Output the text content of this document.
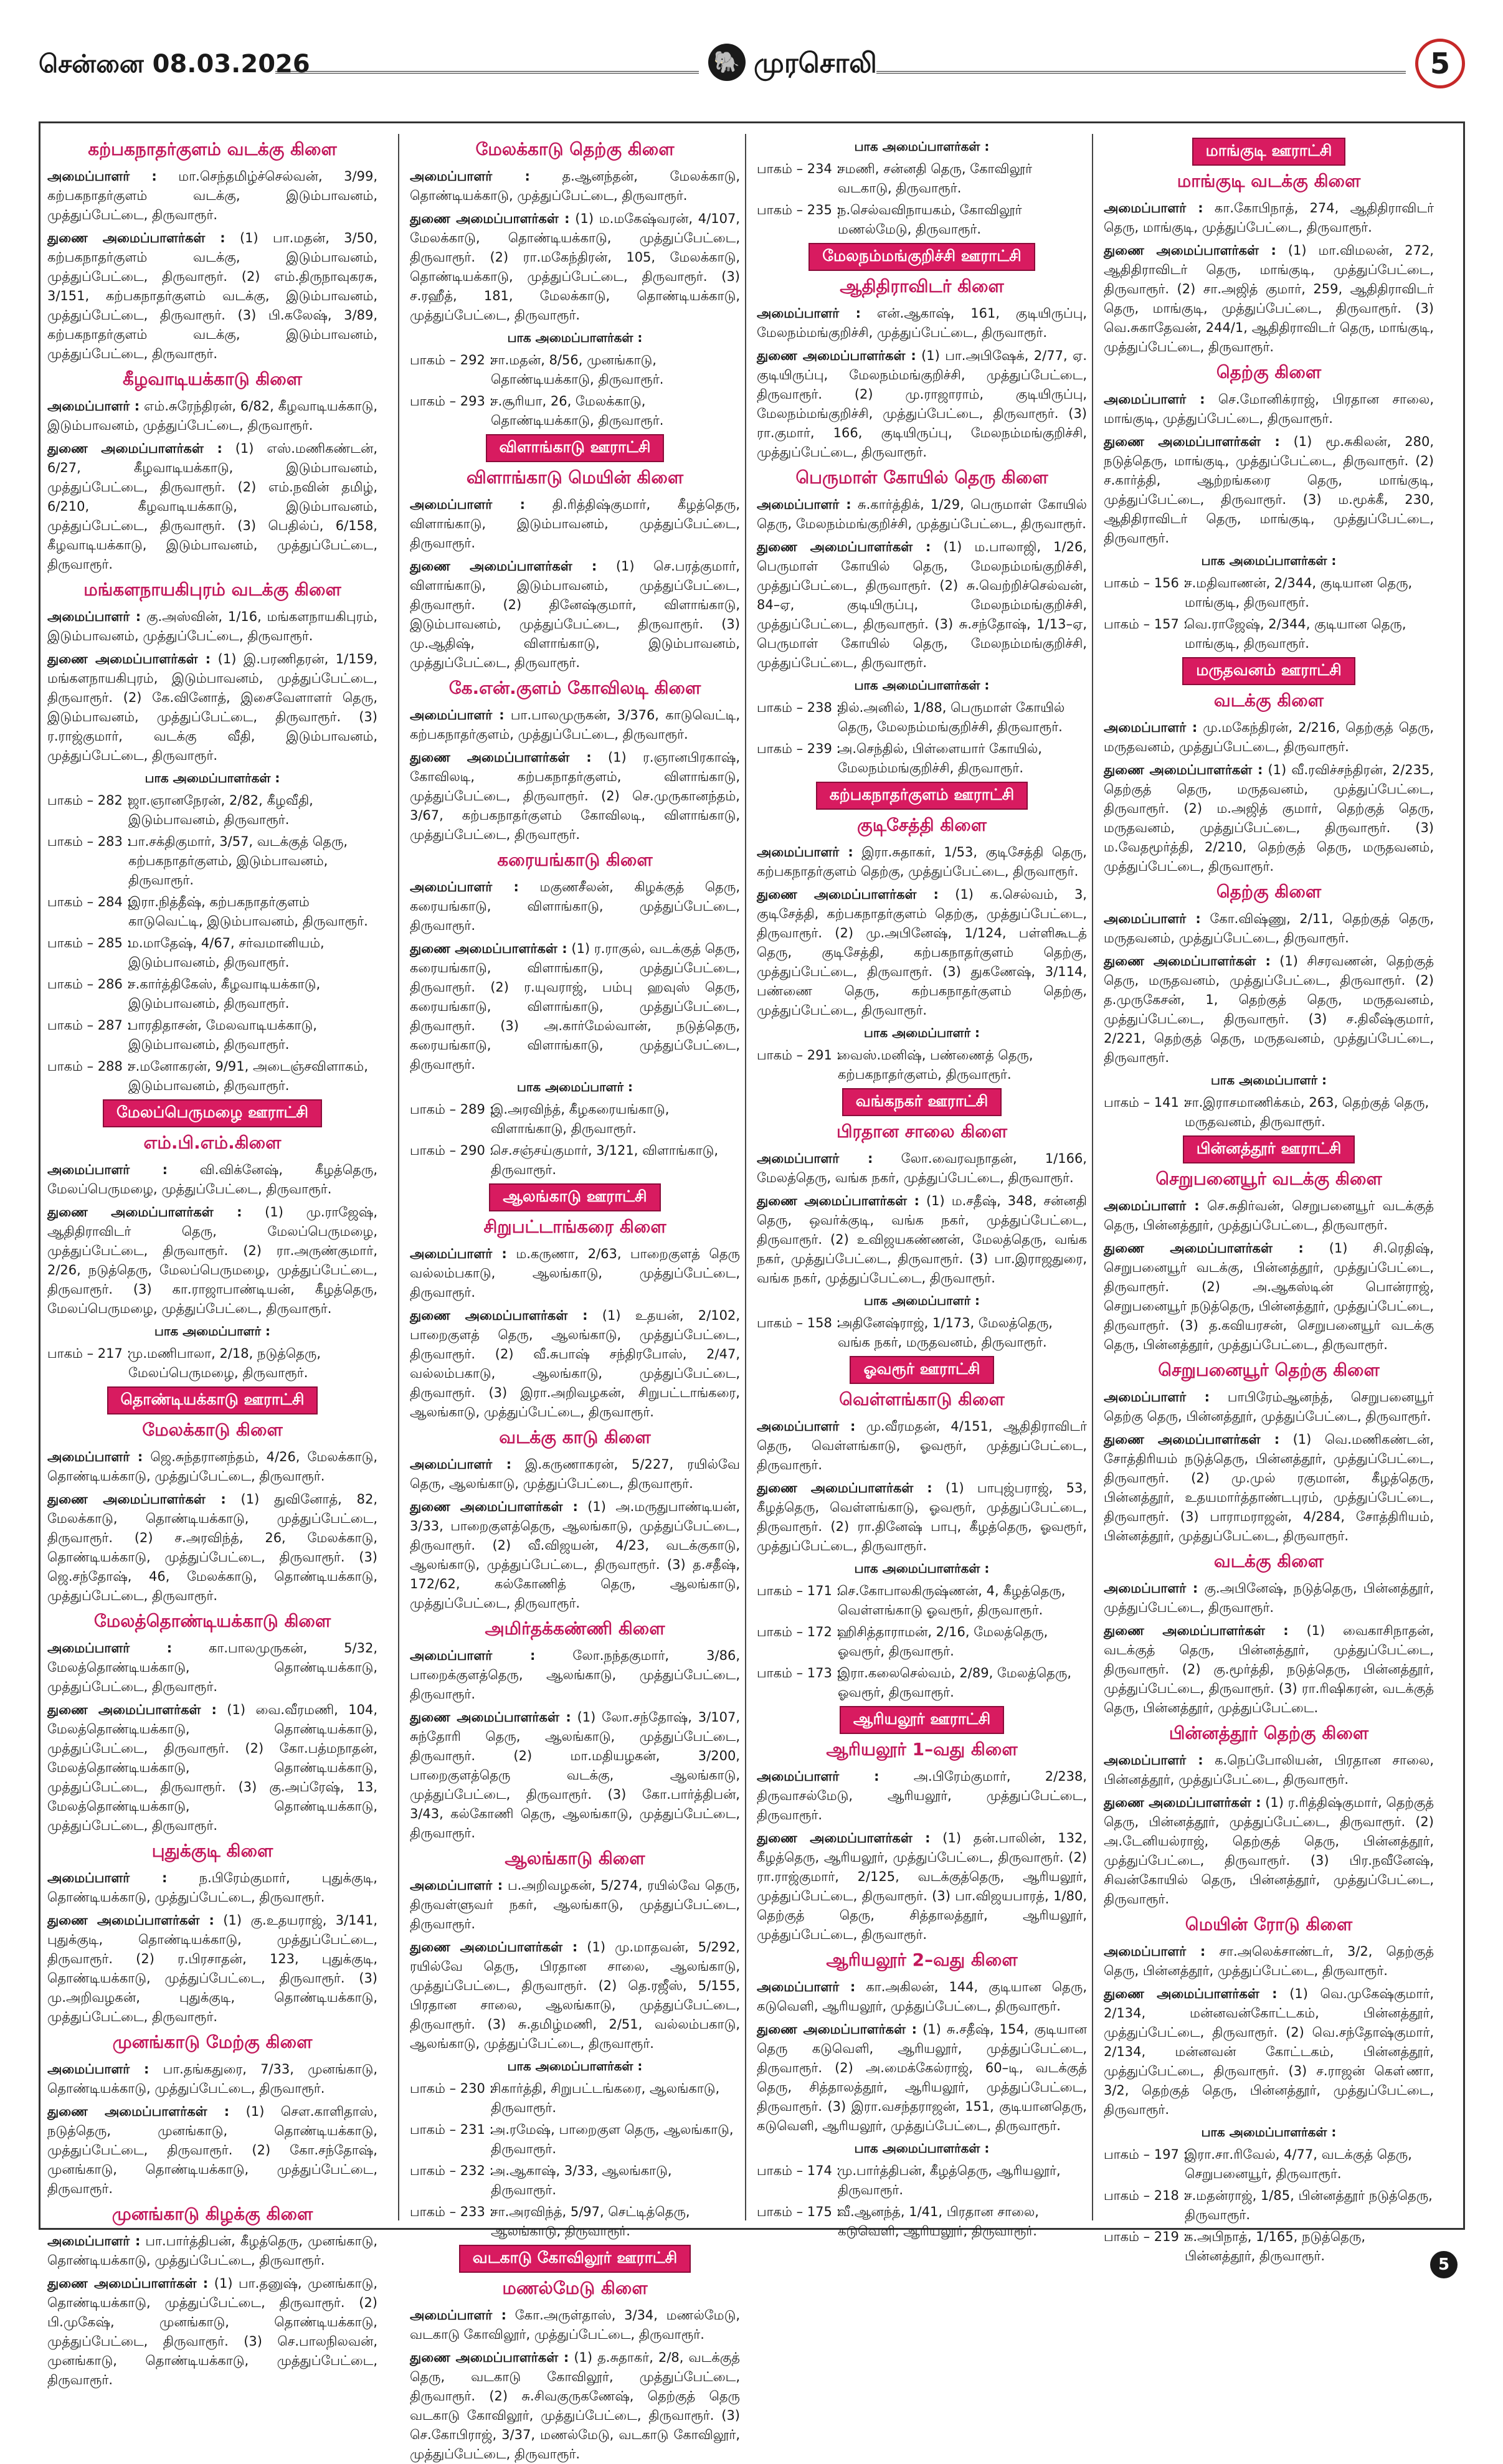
சென்னை 08.03.2026	🐘 முரசொலி	5
கற்பகநாதர்குளம் வடக்கு கிளை
அமைப்பாளர் : மா.செந்தமிழ்ச்செல்வன், 3/99, கற்பகநாதர்குளம் வடக்கு, இடும்பாவனம், முத்துப்பேட்டை, திருவாரூர்.
துணை அமைப்பாளர்கள் : (1) பா.மதன், 3/50, கற்பகநாதர்குளம் வடக்கு, இடும்பாவனம், முத்துப்பேட்டை, திருவாரூர். (2) எம்.திருநாவுகரசு, 3/151, கற்பகநாதர்குளம் வடக்கு, இடும்பாவனம், முத்துப்பேட்டை, திருவாரூர். (3) பி.கலேஷ், 3/89, கற்பகநாதர்குளம் வடக்கு, இடும்பாவனம், முத்துப்பேட்டை, திருவாரூர்.
கீழவாடியக்காடு கிளை
அமைப்பாளர் : எம்.சுரேந்திரன், 6/82, கீழவாடியக்காடு, இடும்பாவனம், முத்துப்பேட்டை, திருவாரூர்.
துணை அமைப்பாளர்கள் : (1) எஸ்.மணிகண்டன், 6/27, கீழவாடியக்காடு, இடும்பாவனம், முத்துப்பேட்டை, திருவாரூர். (2) எம்.நவின் தமிழ், 6/210, கீழவாடியக்காடு, இடும்பாவனம், முத்துப்பேட்டை, திருவாரூர். (3) பெதில்ப், 6/158, கீழவாடியக்காடு, இடும்பாவனம், முத்துப்பேட்டை, திருவாரூர்.
மங்களநாயகிபுரம் வடக்கு கிளை
அமைப்பாளர் : கு.அஸ்வின், 1/16, மங்களநாயகிபுரம், இடும்பாவனம், முத்துப்பேட்டை, திருவாரூர்.
துணை அமைப்பாளர்கள் : (1) இ.பரணிதரன், 1/159, மங்களநாயகிபுரம், இடும்பாவனம், முத்துப்பேட்டை, திருவாரூர். (2) கே.வினோத், இசைவேளாளர் தெரு, இடும்பாவனம், முத்துப்பேட்டை, திருவாரூர். (3) ர.ராஜ்குமார், வடக்கு வீதி, இடும்பாவனம், முத்துப்பேட்டை, திருவாரூர்.
பாக அமைப்பாளர்கள் :
பாகம் – 282 :
ஜா.ஞானநேரன், 2/82, கீழவீதி, இடும்பாவனம், திருவாரூர்.
பாகம் – 283 :
பா.சக்திகுமார், 3/57, வடக்குத் தெரு, கற்பகநாதர்குளம், இடும்பாவனம், திருவாரூர்.
பாகம் – 284 :
இரா.நித்தீஷ், கற்பகநாதர்குளம் காடுவெட்டி, இடும்பாவனம், திருவாரூர்.
பாகம் – 285 :
ம.மாதேஷ், 4/67, சர்வமானியம், இடும்பாவனம், திருவாரூர்.
பாகம் – 286 :
ச.கார்த்திகேஸ், கீழவாடியக்காடு, இடும்பாவனம், திருவாரூர்.
பாகம் – 287 :
பாரதிதாசன், மேலவாடியக்காடு, இடும்பாவனம், திருவாரூர்.
பாகம் – 288 :
ச.மனோகரன், 9/91, அடைஞ்சவிளாகம், இடும்பாவனம், திருவாரூர்.
மேலப்பெருமழை ஊராட்சி
எம்.பி.எம்.கிளை
அமைப்பாளர் : வி.விக்னேஷ், கீழத்தெரு, மேலப்பெருமழை, முத்துப்பேட்டை, திருவாரூர்.
துணை அமைப்பாளர்கள் : (1) மு.ராஜேஷ், ஆதிதிராவிடர் தெரு, மேலப்பெருமழை, முத்துப்பேட்டை, திருவாரூர். (2) ரா.அருண்குமார், 2/26, நடுத்தெரு, மேலப்பெருமழை, முத்துப்பேட்டை, திருவாரூர். (3) கா.ராஜாபாண்டியன், கீழத்தெரு, மேலப்பெருமழை, முத்துப்பேட்டை, திருவாரூர்.
பாக அமைப்பாளர் :
பாகம் – 217 :
மு.மணிபாலா, 2/18, நடுத்தெரு, மேலப்பெருமழை, திருவாரூர்.
தொண்டியக்காடு ஊராட்சி
மேலக்காடு கிளை
அமைப்பாளர் : ஜெ.சுந்தரானந்தம், 4/26, மேலக்காடு, தொண்டியக்காடு, முத்துப்பேட்டை, திருவாரூர்.
துணை அமைப்பாளர்கள் : (1) துவினோத், 82, மேலக்காடு, தொண்டியக்காடு, முத்துப்பேட்டை, திருவாரூர். (2) ச.அரவிந்த், 26, மேலக்காடு, தொண்டியக்காடு, முத்துப்பேட்டை, திருவாரூர். (3) ஜெ.சந்தோஷ், 46, மேலக்காடு, தொண்டியக்காடு, முத்துப்பேட்டை, திருவாரூர்.
மேலத்தொண்டியக்காடு கிளை
அமைப்பாளர் : கா.பாலமுருகன், 5/32, மேலத்தொண்டியக்காடு, தொண்டியக்காடு, முத்துப்பேட்டை, திருவாரூர்.
துணை அமைப்பாளர்கள் : (1) வை.வீரமணி, 104, மேலத்தொண்டியக்காடு, தொண்டியக்காடு, முத்துப்பேட்டை, திருவாரூர். (2) கோ.பத்மநாதன், மேலத்தொண்டியக்காடு, தொண்டியக்காடு, முத்துப்பேட்டை, திருவாரூர். (3) கு.அப்ரேஷ், 13, மேலத்தொண்டியக்காடு, தொண்டியக்காடு, முத்துப்பேட்டை, திருவாரூர்.
புதுக்குடி கிளை
அமைப்பாளர் : ந.பிரேம்குமார், புதுக்குடி, தொண்டியக்காடு, முத்துப்பேட்டை, திருவாரூர்.
துணை அமைப்பாளர்கள் : (1) கு.உதயராஜ், 3/141, புதுக்குடி, தொண்டியக்காடு, முத்துப்பேட்டை, திருவாரூர். (2) ர.பிரசாதன், 123, புதுக்குடி, தொண்டியக்காடு, முத்துப்பேட்டை, திருவாரூர். (3) மு.அறிவழகன், புதுக்குடி, தொண்டியக்காடு, முத்துப்பேட்டை, திருவாரூர்.
முனங்காடு மேற்கு கிளை
அமைப்பாளர் : பா.தங்கதுரை, 7/33, முனங்காடு, தொண்டியக்காடு, முத்துப்பேட்டை, திருவாரூர்.
துணை அமைப்பாளர்கள் : (1) சௌ.காளிதாஸ், நடுத்தெரு, முனங்காடு, தொண்டியக்காடு, முத்துப்பேட்டை, திருவாரூர். (2) கோ.சந்தோஷ், முனங்காடு, தொண்டியக்காடு, முத்துப்பேட்டை, திருவாரூர்.
முனங்காடு கிழக்கு கிளை
அமைப்பாளர் : பா.பார்த்திபன், கீழத்தெரு, முனங்காடு, தொண்டியக்காடு, முத்துப்பேட்டை, திருவாரூர்.
துணை அமைப்பாளர்கள் : (1) பா.தனுஷ், முனங்காடு, தொண்டியக்காடு, முத்துப்பேட்டை, திருவாரூர். (2) பி.முகேஷ், முனங்காடு, தொண்டியக்காடு, முத்துப்பேட்டை, திருவாரூர். (3) செ.பாலநிலவன், முனங்காடு, தொண்டியக்காடு, முத்துப்பேட்டை, திருவாரூர்.
மேலக்காடு தெற்கு கிளை
அமைப்பாளர் : த.ஆனந்தன், மேலக்காடு, தொண்டியக்காடு, முத்துப்பேட்டை, திருவாரூர்.
துணை அமைப்பாளர்கள் : (1) ம.மகேஷ்வரன், 4/107, மேலக்காடு, தொண்டியக்காடு, முத்துப்பேட்டை, திருவாரூர். (2) ரா.மகேந்திரன், 105, மேலக்காடு, தொண்டியக்காடு, முத்துப்பேட்டை, திருவாரூர். (3) ச.ரஹீத், 181, மேலக்காடு, தொண்டியக்காடு, முத்துப்பேட்டை, திருவாரூர்.
பாக அமைப்பாளர்கள் :
பாகம் – 292 :
சா.மதன், 8/56, முனங்காடு, தொண்டியக்காடு, திருவாரூர்.
பாகம் – 293 :
ச.சூரியா, 26, மேலக்காடு, தொண்டியக்காடு, திருவாரூர்.
விளாங்காடு ஊராட்சி
விளாங்காடு மெயின் கிளை
அமைப்பாளர் : தி.ரித்திஷ்குமார், கீழத்தெரு, விளாங்காடு, இடும்பாவனம், முத்துப்பேட்டை, திருவாரூர்.
துணை அமைப்பாளர்கள் : (1) செ.பரத்குமார், விளாங்காடு, இடும்பாவனம், முத்துப்பேட்டை, திருவாரூர். (2) தினேஷ்குமார், விளாங்காடு, இடும்பாவனம், முத்துப்பேட்டை, திருவாரூர். (3) மு.ஆதிஷ், விளாங்காடு, இடும்பாவனம், முத்துப்பேட்டை, திருவாரூர்.
கே.என்.குளம் கோவிலடி கிளை
அமைப்பாளர் : பா.பாலமுருகன், 3/376, காடுவெட்டி, கற்பகநாதர்குளம், முத்துப்பேட்டை, திருவாரூர்.
துணை அமைப்பாளர்கள் : (1) ர.ஞானபிரகாஷ், கோவிலடி, கற்பகநாதர்குளம், விளாங்காடு, முத்துப்பேட்டை, திருவாரூர். (2) செ.முருகானந்தம், 3/67, கற்பகநாதர்குளம் கோவிலடி, விளாங்காடு, முத்துப்பேட்டை, திருவாரூர்.
கரையங்காடு கிளை
அமைப்பாளர் : மகுணசீலன், கிழக்குத் தெரு, கரையங்காடு, விளாங்காடு, முத்துப்பேட்டை, திருவாரூர்.
துணை அமைப்பாளர்கள் : (1) ர.ராகுல், வடக்குத் தெரு, கரையங்காடு, விளாங்காடு, முத்துப்பேட்டை, திருவாரூர். (2) ர.யுவராஜ், பம்பு ஹவுஸ் தெரு, கரையங்காடு, விளாங்காடு, முத்துப்பேட்டை, திருவாரூர். (3) அ.கார்மேல்வான், நடுத்தெரு, கரையங்காடு, விளாங்காடு, முத்துப்பேட்டை, திருவாரூர்.
பாக அமைப்பாளர் :
பாகம் – 289 :
இ.அரவிந்த், கீழகரையங்காடு, விளாங்காடு, திருவாரூர்.
பாகம் – 290 :
செ.சஞ்சய்குமார், 3/121, விளாங்காடு, திருவாரூர்.
ஆலங்காடு ஊராட்சி
சிறுபட்டாங்கரை கிளை
அமைப்பாளர் : ம.கருணா, 2/63, பாறைகுளத் தெரு வல்லம்பகாடு, ஆலங்காடு, முத்துப்பேட்டை, திருவாரூர்.
துணை அமைப்பாளர்கள் : (1) உதயன், 2/102, பாறைகுளத் தெரு, ஆலங்காடு, முத்துப்பேட்டை, திருவாரூர். (2) வீ.சுபாஷ் சந்திரபோஸ், 2/47, வல்லம்பகாடு, ஆலங்காடு, முத்துப்பேட்டை, திருவாரூர். (3) இரா.அறிவழகன், சிறுபட்டாங்கரை, ஆலங்காடு, முத்துப்பேட்டை, திருவாரூர்.
வடக்கு காடு கிளை
அமைப்பாளர் : இ.கருணாகரன், 5/227, ரயில்வே தெரு, ஆலங்காடு, முத்துப்பேட்டை, திருவாரூர்.
துணை அமைப்பாளர்கள் : (1) அ.மருதுபாண்டியன், 3/33, பாறைகுளத்தெரு, ஆலங்காடு, முத்துப்பேட்டை, திருவாரூர். (2) வீ.விஜயன், 4/23, வடக்குகாடு, ஆலங்காடு, முத்துப்பேட்டை, திருவாரூர். (3) த.சதீஷ், 172/62, கல்கோணித் தெரு, ஆலங்காடு, முத்துப்பேட்டை, திருவாரூர்.
அமிர்தக்கண்ணி கிளை
அமைப்பாளர் : லோ.நந்தகுமார், 3/86, பாறைக்குளத்தெரு, ஆலங்காடு, முத்துப்பேட்டை, திருவாரூர்.
துணை அமைப்பாளர்கள் : (1) லோ.சந்தோஷ், 3/107, சுந்தோரி தெரு, ஆலங்காடு, முத்துப்பேட்டை, திருவாரூர். (2) மா.மதியழகன், 3/200, பாறைகுளத்தெரு வடக்கு, ஆலங்காடு, முத்துப்பேட்டை, திருவாரூர். (3) கோ.பார்த்திபன், 3/43, கல்கோணி தெரு, ஆலங்காடு, முத்துப்பேட்டை, திருவாரூர்.
ஆலங்காடு கிளை
அமைப்பாளர் : ப.அறிவழகன், 5/274, ரயில்வே தெரு, திருவள்ளுவர் நகர், ஆலங்காடு, முத்துப்பேட்டை, திருவாரூர்.
துணை அமைப்பாளர்கள் : (1) மு.மாதவன், 5/292, ரயில்வே தெரு, பிரதான சாலை, ஆலங்காடு, முத்துப்பேட்டை, திருவாரூர். (2) தெ.ரஜீஸ், 5/155, பிரதான சாலை, ஆலங்காடு, முத்துப்பேட்டை, திருவாரூர். (3) சு.தமிழ்மணி, 2/51, வல்லம்பகாடு, ஆலங்காடு, முத்துப்பேட்டை, திருவாரூர்.
பாக அமைப்பாளர்கள் :
பாகம் – 230 :
சிகார்த்தி, சிறுபட்டங்கரை, ஆலங்காடு, திருவாரூர்.
பாகம் – 231 :
அ.ரமேஷ், பாறைகுள தெரு, ஆலங்காடு, திருவாரூர்.
பாகம் – 232 :
அ.ஆகாஷ், 3/33, ஆலங்காடு, திருவாரூர்.
பாகம் – 233 :
சா.அரவிந்த், 5/97, செட்டித்தெரு, ஆலங்காடு, திருவாரூர்.
வடகாடு கோவிலூர் ஊராட்சி
மணல்மேடு கிளை
அமைப்பாளர் : கோ.அருள்தாஸ், 3/34, மணல்மேடு, வடகாடு கோவிலூர், முத்துப்பேட்டை, திருவாரூர்.
துணை அமைப்பாளர்கள் : (1) த.சுதாகர், 2/8, வடக்குத் தெரு, வடகாடு கோவிலூர், முத்துப்பேட்டை, திருவாரூர். (2) சு.சிவகுருகணேஷ், தெற்குத் தெரு வடகாடு கோவிலூர், முத்துப்பேட்டை, திருவாரூர். (3) செ.கோபிராஜ், 3/37, மணல்மேடு, வடகாடு கோவிலூர், முத்துப்பேட்டை, திருவாரூர்.
பாக அமைப்பாளர்கள் :
பாகம் – 234 :
சமணி, சன்னதி தெரு, கோவிலூர் வடகாடு, திருவாரூர்.
பாகம் – 235 :
ந.செல்வவிநாயகம், கோவிலூர் மணல்மேடு, திருவாரூர்.
மேலநம்மங்குறிச்சி ஊராட்சி
ஆதிதிராவிடர் கிளை
அமைப்பாளர் : என்.ஆகாஷ், 161, குடியிருப்பு, மேலநம்மங்குறிச்சி, முத்துப்பேட்டை, திருவாரூர்.
துணை அமைப்பாளர்கள் : (1) பா.அபிஷேக், 2/77, ஏ. குடியிருப்பு, மேலநம்மங்குறிச்சி, முத்துப்பேட்டை, திருவாரூர். (2) மு.ராஜாராம், குடியிருப்பு, மேலநம்மங்குறிச்சி, முத்துப்பேட்டை, திருவாரூர். (3) ரா.குமார், 166, குடியிருப்பு, மேலநம்மங்குறிச்சி, முத்துப்பேட்டை, திருவாரூர்.
பெருமாள் கோயில் தெரு கிளை
அமைப்பாளர் : சு.கார்த்திக், 1/29, பெருமாள் கோயில் தெரு, மேலநம்மங்குறிச்சி, முத்துப்பேட்டை, திருவாரூர்.
துணை அமைப்பாளர்கள் : (1) ம.பாலாஜி, 1/26, பெருமாள் கோயில் தெரு, மேலநம்மங்குறிச்சி, முத்துப்பேட்டை, திருவாரூர். (2) சு.வெற்றிச்செல்வன், 84–ஏ, குடியிருப்பு, மேலநம்மங்குறிச்சி, முத்துப்பேட்டை, திருவாரூர். (3) சு.சந்தோஷ், 1/13–ஏ, பெருமாள் கோயில் தெரு, மேலநம்மங்குறிச்சி, முத்துப்பேட்டை, திருவாரூர்.
பாக அமைப்பாளர்கள் :
பாகம் – 238 :
தில்.அனில், 1/88, பெருமாள் கோயில் தெரு, மேலநம்மங்குறிச்சி, திருவாரூர்.
பாகம் – 239 :
அ.செந்தில், பிள்ளையார் கோயில், மேலநம்மங்குறிச்சி, திருவாரூர்.
கற்பகநாதர்குளம் ஊராட்சி
குடிசேத்தி கிளை
அமைப்பாளர் : இரா.சுதாகர், 1/53, குடிசேத்தி தெரு, கற்பகநாதர்குளம் தெற்கு, முத்துப்பேட்டை, திருவாரூர்.
துணை அமைப்பாளர்கள் : (1) க.செல்வம், 3, குடிசேத்தி, கற்பகநாதர்குளம் தெற்கு, முத்துப்பேட்டை, திருவாரூர். (2) மு.அபினேஷ், 1/124, பள்ளிகூடத் தெரு, குடிசேத்தி, கற்பகநாதர்குளம் தெற்கு, முத்துப்பேட்டை, திருவாரூர். (3) துகணேஷ், 3/114, பண்ணை தெரு, கற்பகநாதர்குளம் தெற்கு, முத்துப்பேட்டை, திருவாரூர்.
பாக அமைப்பாளர் :
பாகம் – 291 :
வைஸ்.மனிஷ், பண்ணைத் தெரு, கற்பகநாதர்குளம், திருவாரூர்.
வங்கநகர் ஊராட்சி
பிரதான சாலை கிளை
அமைப்பாளர் : லோ.வைரவநாதன், 1/166, மேலத்தெரு, வங்க நகர், முத்துப்பேட்டை, திருவாரூர்.
துணை அமைப்பாளர்கள் : (1) ம.சதீஷ், 348, சன்னதி தெரு, ஒவர்க்குடி, வங்க நகர், முத்துப்பேட்டை, திருவாரூர். (2) உவிஜயகண்ணன், மேலத்தெரு, வங்க நகர், முத்துப்பேட்டை, திருவாரூர். (3) பா.இராஜதுரை, வங்க நகர், முத்துப்பேட்டை, திருவாரூர்.
பாக அமைப்பாளர் :
பாகம் – 158 :
அதினேஷ்ராஜ், 1/173, மேலத்தெரு, வங்க நகர், மருதவனம், திருவாரூர்.
ஓவரூர் ஊராட்சி
வெள்ளங்காடு கிளை
அமைப்பாளர் : மு.வீரமதன், 4/151, ஆதிதிராவிடர் தெரு, வெள்ளங்காடு, ஓவரூர், முத்துப்பேட்டை, திருவாரூர்.
துணை அமைப்பாளர்கள் : (1) பாபுஜ்பராஜ், 53, கீழத்தெரு, வெள்ளங்காடு, ஓவரூர், முத்துப்பேட்டை, திருவாரூர். (2) ரா.தினேஷ் பாபு, கீழத்தெரு, ஓவரூர், முத்துப்பேட்டை, திருவாரூர்.
பாக அமைப்பாளர்கள் :
பாகம் – 171 :
செ.கோபாலகிருஷ்ணன், 4, கீழத்தெரு, வெள்ளங்காடு ஓவரூர், திருவாரூர்.
பாகம் – 172 :
ஹிசித்தாராமன், 2/16, மேலத்தெரு, ஓவரூர், திருவாரூர்.
பாகம் – 173 :
இரா.கலைசெல்வம், 2/89, மேலத்தெரு, ஓவரூர், திருவாரூர்.
ஆரியலூர் ஊராட்சி
ஆரியலூர் 1–வது கிளை
அமைப்பாளர் : அ.பிரேம்குமார், 2/238, திருவாசல்மேடு, ஆரியலூர், முத்துப்பேட்டை, திருவாரூர்.
துணை அமைப்பாளர்கள் : (1) தன்.பாலின், 132, கீழத்தெரு, ஆரியலூர், முத்துப்பேட்டை, திருவாரூர். (2) ரா.ராஜ்குமார், 2/125, வடக்குத்தெரு, ஆரியலூர், முத்துப்பேட்டை, திருவாரூர். (3) பா.விஜயபாரத், 1/80, தெற்குத் தெரு, சித்தாலத்தூர், ஆரியலூர், முத்துப்பேட்டை, திருவாரூர்.
ஆரியலூர் 2–வது கிளை
அமைப்பாளர் : கா.அகிலன், 144, குடியான தெரு, கடுவெளி, ஆரியலூர், முத்துப்பேட்டை, திருவாரூர்.
துணை அமைப்பாளர்கள் : (1) சு.சதீஷ், 154, குடியான தெரு கடுவெளி, ஆரியலூர், முத்துப்பேட்டை, திருவாரூர். (2) அ.மைக்கேல்ராஜ், 60–டி, வடக்குத் தெரு, சித்தாலத்தூர், ஆரியலூர், முத்துப்பேட்டை, திருவாரூர். (3) இரா.வசந்தராஜன், 151, குடியானதெரு, கடுவெளி, ஆரியலூர், முத்துப்பேட்டை, திருவாரூர்.
பாக அமைப்பாளர்கள் :
பாகம் – 174 :
மு.பார்த்திபன், கீழத்தெரு, ஆரியலூர், திருவாரூர்.
பாகம் – 175 :
வீ.ஆனந்த், 1/41, பிரதான சாலை, கடுவெளி, ஆரியலூர், திருவாரூர்.
மாங்குடி ஊராட்சி
மாங்குடி வடக்கு கிளை
அமைப்பாளர் : கா.கோபிநாத், 274, ஆதிதிராவிடர் தெரு, மாங்குடி, முத்துப்பேட்டை, திருவாரூர்.
துணை அமைப்பாளர்கள் : (1) மா.விமலன், 272, ஆதிதிராவிடர் தெரு, மாங்குடி, முத்துப்பேட்டை, திருவாரூர். (2) சா.அஜித் குமார், 259, ஆதிதிராவிடர் தெரு, மாங்குடி, முத்துப்பேட்டை, திருவாரூர். (3) வெ.சுகாதேவன், 244/1, ஆதிதிராவிடர் தெரு, மாங்குடி, முத்துப்பேட்டை, திருவாரூர்.
தெற்கு கிளை
அமைப்பாளர் : செ.மோனிக்ராஜ், பிரதான சாலை, மாங்குடி, முத்துப்பேட்டை, திருவாரூர்.
துணை அமைப்பாளர்கள் : (1) மூ.சுகிலன், 280, நடுத்தெரு, மாங்குடி, முத்துப்பேட்டை, திருவாரூர். (2) ச.கார்த்தி, ஆற்றங்கரை தெரு, மாங்குடி, முத்துப்பேட்டை, திருவாரூர். (3) ம.மூக்கீ, 230, ஆதிதிராவிடர் தெரு, மாங்குடி, முத்துப்பேட்டை, திருவாரூர்.
பாக அமைப்பாளர்கள் :
பாகம் – 156 :
ச.மதிவாணன், 2/344, குடியான தெரு, மாங்குடி, திருவாரூர்.
பாகம் – 157 :
வெ.ராஜேஷ், 2/344, குடியான தெரு, மாங்குடி, திருவாரூர்.
மருதவனம் ஊராட்சி
வடக்கு கிளை
அமைப்பாளர் : மு.மகேந்திரன், 2/216, தெற்குத் தெரு, மருதவனம், முத்துப்பேட்டை, திருவாரூர்.
துணை அமைப்பாளர்கள் : (1) வீ.ரவிச்சந்திரன், 2/235, தெற்குத் தெரு, மருதவனம், முத்துப்பேட்டை, திருவாரூர். (2) ம.அஜித் குமார், தெற்குத் தெரு, மருதவனம், முத்துப்பேட்டை, திருவாரூர். (3) ம.வேதமூர்த்தி, 2/210, தெற்குத் தெரு, மருதவனம், முத்துப்பேட்டை, திருவாரூர்.
தெற்கு கிளை
அமைப்பாளர் : கோ.விஷ்ணு, 2/11, தெற்குத் தெரு, மருதவனம், முத்துப்பேட்டை, திருவாரூர்.
துணை அமைப்பாளர்கள் : (1) சிசரவணன், தெற்குத் தெரு, மருதவனம், முத்துப்பேட்டை, திருவாரூர். (2) த.முருகேசன், 1, தெற்குத் தெரு, மருதவனம், முத்துப்பேட்டை, திருவாரூர். (3) ச.திலீஷ்குமார், 2/221, தெற்குத் தெரு, மருதவனம், முத்துப்பேட்டை, திருவாரூர்.
பாக அமைப்பாளர் :
பாகம் – 141 :
சா.இராசமாணிக்கம், 263, தெற்குத் தெரு, மருதவனம், திருவாரூர்.
பின்னத்தூர் ஊராட்சி
செறுபனையூர் வடக்கு கிளை
அமைப்பாளர் : செ.சுதிர்வன், செறுபனையூர் வடக்குத் தெரு, பின்னத்தூர், முத்துப்பேட்டை, திருவாரூர்.
துணை அமைப்பாளர்கள் : (1) சி.ரெதிஷ், செறுபனையூர் வடக்கு, பின்னத்தூர், முத்துப்பேட்டை, திருவாரூர். (2) அ.ஆகஸ்டின் பொன்ராஜ், செறுபனையூர் நடுத்தெரு, பின்னத்தூர், முத்துப்பேட்டை, திருவாரூர். (3) த.கவியரசன், செறுபனையூர் வடக்கு தெரு, பின்னத்தூர், முத்துப்பேட்டை, திருவாரூர்.
செறுபனையூர் தெற்கு கிளை
அமைப்பாளர் : பாபிரேம்ஆனந்த், செறுபனையூர் தெற்கு தெரு, பின்னத்தூர், முத்துப்பேட்டை, திருவாரூர்.
துணை அமைப்பாளர்கள் : (1) வெ.மணிகண்டன், சோத்திரியம் நடுத்தெரு, பின்னத்தூர், முத்துப்பேட்டை, திருவாரூர். (2) மு.முல் ரகுமான், கீழத்தெரு, பின்னத்தூர், உதயமார்த்தாண்டபுரம், முத்துப்பேட்டை, திருவாரூர். (3) பாராமராஜன், 4/284, சோத்திரியம், பின்னத்தூர், முத்துப்பேட்டை, திருவாரூர்.
வடக்கு கிளை
அமைப்பாளர் : கு.அபினேஷ், நடுத்தெரு, பின்னத்தூர், முத்துப்பேட்டை, திருவாரூர்.
துணை அமைப்பாளர்கள் : (1) வைகாசிநாதன், வடக்குத் தெரு, பின்னத்தூர், முத்துப்பேட்டை, திருவாரூர். (2) கு.மூர்த்தி, நடுத்தெரு, பின்னத்தூர், முத்துப்பேட்டை, திருவாரூர். (3) ரா.ரிஷிகரன், வடக்குத் தெரு, பின்னத்தூர், முத்துப்பேட்டை.
பின்னத்தூர் தெற்கு கிளை
அமைப்பாளர் : க.நெப்போலியன், பிரதான சாலை, பின்னத்தூர், முத்துப்பேட்டை, திருவாரூர்.
துணை அமைப்பாளர்கள் : (1) ர.ரித்திஷ்குமார், தெற்குத் தெரு, பின்னத்தூர், முத்துப்பேட்டை, திருவாரூர். (2) அ.டேனியல்ராஜ், தெற்குத் தெரு, பின்னத்தூர், முத்துப்பேட்டை, திருவாரூர். (3) பிர.நவீனேஷ், சிவன்கோயில் தெரு, பின்னத்தூர், முத்துப்பேட்டை, திருவாரூர்.
மெயின் ரோடு கிளை
அமைப்பாளர் : சா.அலெக்சாண்டர், 3/2, தெற்குத் தெரு, பின்னத்தூர், முத்துப்பேட்டை, திருவாரூர்.
துணை அமைப்பாளர்கள் : (1) வெ.முகேஷ்குமார், 2/134, மன்னவன்கோட்டகம், பின்னத்தூர், முத்துப்பேட்டை, திருவாரூர். (2) வெ.சந்தோஷ்குமார், 2/134, மன்னவன் கோட்டகம், பின்னத்தூர், முத்துப்பேட்டை, திருவாரூர். (3) ச.ராஜன் கௌ்ணா, 3/2, தெற்குத் தெரு, பின்னத்தூர், முத்துப்பேட்டை, திருவாரூர்.
பாக அமைப்பாளர்கள் :
பாகம் – 197 :
இரா.சா.ரிவேல், 4/77, வடக்குத் தெரு, செறுபனையூர், திருவாரூர்.
பாகம் – 218 :
ச.மதன்ராஜ், 1/85, பின்னத்தூர் நடுத்தெரு, திருவாரூர்.
பாகம் – 219 :
க.அபிநாத், 1/165, நடுத்தெரு, பின்னத்தூர், திருவாரூர்.	5
